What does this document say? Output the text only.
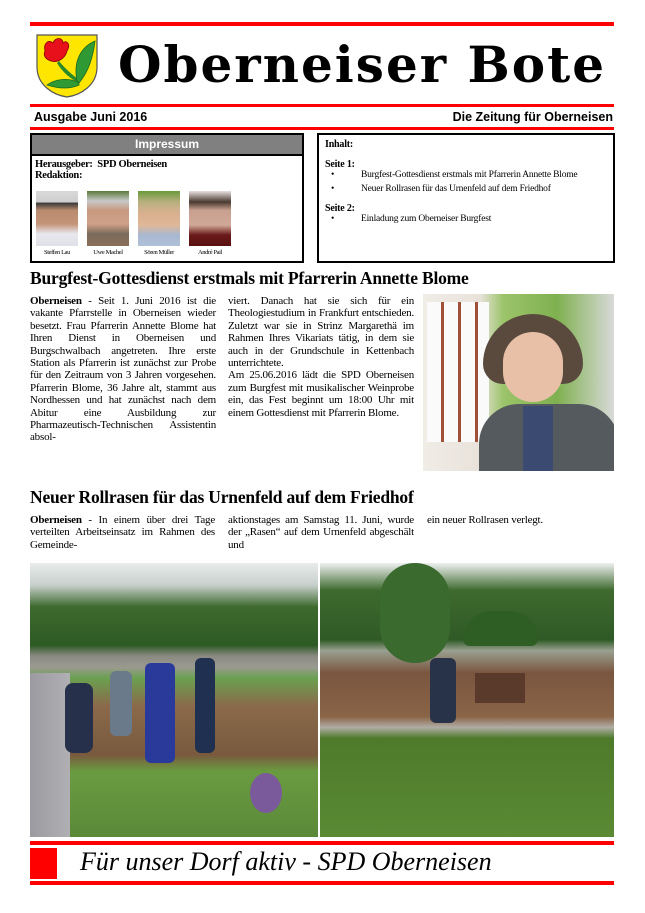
Oberneiser Bote
Ausgabe Juni 2016	Die Zeitung für Oberneisen
Impressum
Herausgeber: SPD Oberneisen
Redaktion:
Steffen Lau	Uwe Machel	Sören Müller	André Pail
Inhalt:
Seite 1:
•	Burgfest-Gottesdienst erstmals mit Pfarrerin Annette Blome
•	Neuer Rollrasen für das Urnenfeld auf dem Friedhof
Seite 2:
•	Einladung zum Oberneiser Burgfest
Burgfest-Gottesdienst erstmals mit Pfarrerin Annette Blome
Oberneisen - Seit 1. Juni 2016 ist die vakante Pfarrstelle in Oberneisen wieder besetzt. Frau Pfarrerin Annette Blome hat Ihren Dienst in Oberneisen und Burgschwalbach angetreten. Ihre erste Station als Pfarrerin ist zunächst zur Probe für den Zeitraum von 3 Jahren vorgesehen. Pfarrerin Blome, 36 Jahre alt, stammt aus Nordhessen und hat zunächst nach dem Abitur eine Ausbildung zur Pharmazeutisch-Technischen Assistentin absol-
viert. Danach hat sie sich für ein Theologiestudium in Frankfurt entschieden. Zuletzt war sie in Strinz Margarethä im Rahmen Ihres Vikariats tätig, in dem sie auch in der Grundschule in Kettenbach unterrichtete.
Am 25.06.2016 lädt die SPD Oberneisen zum Burgfest mit musikalischer Weinprobe ein, das Fest beginnt um 18:00 Uhr mit einem Gottesdienst mit Pfarrerin Blome.
Neuer Rollrasen für das Urnenfeld auf dem Friedhof
Oberneisen - In einem über drei Tage verteilten Arbeitseinsatz im Rahmen des Gemeinde-
aktionstages am Samstag 11. Juni, wurde der „Rasen“ auf dem Urnenfeld abgeschält und
ein neuer Rollrasen verlegt.
Für unser Dorf aktiv - SPD Oberneisen
